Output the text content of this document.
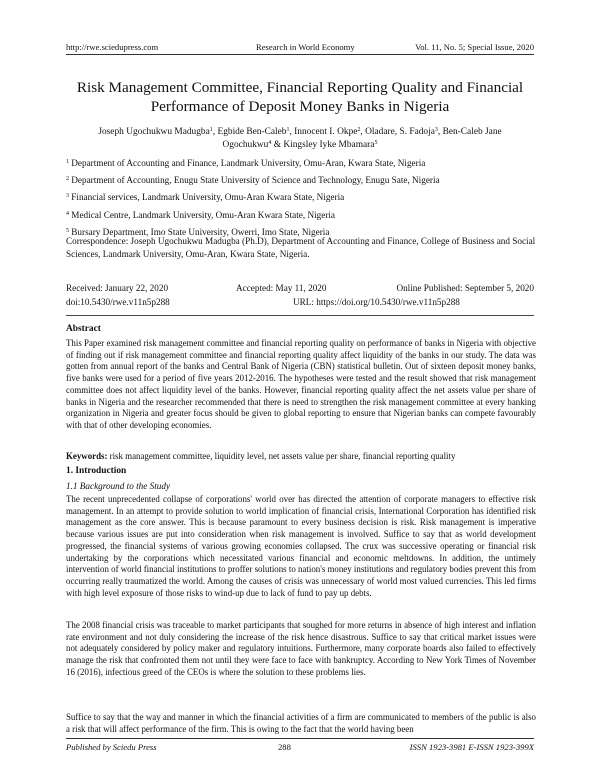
http://rwe.sciedupress.com	Research in World Economy	Vol. 11, No. 5; Special Issue, 2020
Risk Management Committee, Financial Reporting Quality and Financial
Performance of Deposit Money Banks in Nigeria
Joseph Ugochukwu Madugba$^1$, Egbide Ben-Caleb$^1$, Innocent I. Okpe$^2$, Oladare, S. Fadoja$^3$, Ben-Caleb Jane
Ogochukwu$^4$ & Kingsley Iyke Mbamara$^5$
$^1$ Department of Accounting and Finance, Landmark University, Omu-Aran, Kwara State, Nigeria
$^2$ Department of Accounting, Enugu State University of Science and Technology, Enugu Sate, Nigeria
$^3$ Financial services, Landmark University, Omu-Aran Kwara State, Nigeria
$^4$ Medical Centre, Landmark University, Omu-Aran Kwara State, Nigeria
$^5$ Bursary Department, Imo State University, Owerri, Imo State, Nigeria
Correspondence: Joseph Ugochukwu Madugba (Ph.D), Department of Accounting and Finance, College of Business and Social Sciences, Landmark University, Omu-Aran, Kwara State, Nigeria.
Received: January 22, 2020	Accepted: May 11, 2020	Online Published: September 5, 2020
doi:10.5430/rwe.v11n5p288	URL: https://doi.org/10.5430/rwe.v11n5p288
Abstract
This Paper examined risk management committee and financial reporting quality on performance of banks in Nigeria with objective of finding out if risk management committee and financial reporting quality affect liquidity of the banks in our study. The data was gotten from annual report of the banks and Central Bank of Nigeria (CBN) statistical bulletin. Out of sixteen deposit money banks, five banks were used for a period of five years 2012-2016. The hypotheses were tested and the result showed that risk management committee does not affect liquidity level of the banks. However, financial reporting quality affect the net assets value per share of banks in Nigeria and the researcher recommended that there is need to strengthen the risk management committee at every banking organization in Nigeria and greater focus should be given to global reporting to ensure that Nigerian banks can compete favourably with that of other developing economies.
Keywords: risk management committee, liquidity level, net assets value per share, financial reporting quality
1. Introduction
1.1 Background to the Study
The recent unprecedented collapse of corporations' world over has directed the attention of corporate managers to effective risk management. In an attempt to provide solution to world implication of financial crisis, International Corporation has identified risk management as the core answer. This is because paramount to every business decision is risk. Risk management is imperative because various issues are put into consideration when risk management is involved. Suffice to say that as world development progressed, the financial systems of various growing economies collapsed. The crux was successive operating or financial risk undertaking by the corporations which necessitated various financial and economic meltdowns. In addition, the untimely intervention of world financial institutions to proffer solutions to nation's money institutions and regulatory bodies prevent this from occurring really traumatized the world. Among the causes of crisis was unnecessary of world most valued currencies. This led firms with high level exposure of those risks to wind-up due to lack of fund to pay up debts.
The 2008 financial crisis was traceable to market participants that soughed for more returns in absence of high interest and inflation rate environment and not duly considering the increase of the risk hence disastrous. Suffice to say that critical market issues were not adequately considered by policy maker and regulatory intuitions. Furthermore, many corporate boards also failed to effectively manage the risk that confronted them not until they were face to face with bankruptcy. According to New York Times of November 16 (2016), infectious greed of the CEOs is where the solution to these problems lies.
Suffice to say that the way and manner in which the financial activities of a firm are communicated to members of the public is also a risk that will affect performance of the firm. This is owing to the fact that the world having been
Published by Sciedu Press	288	ISSN 1923-3981 E-ISSN 1923-399X
